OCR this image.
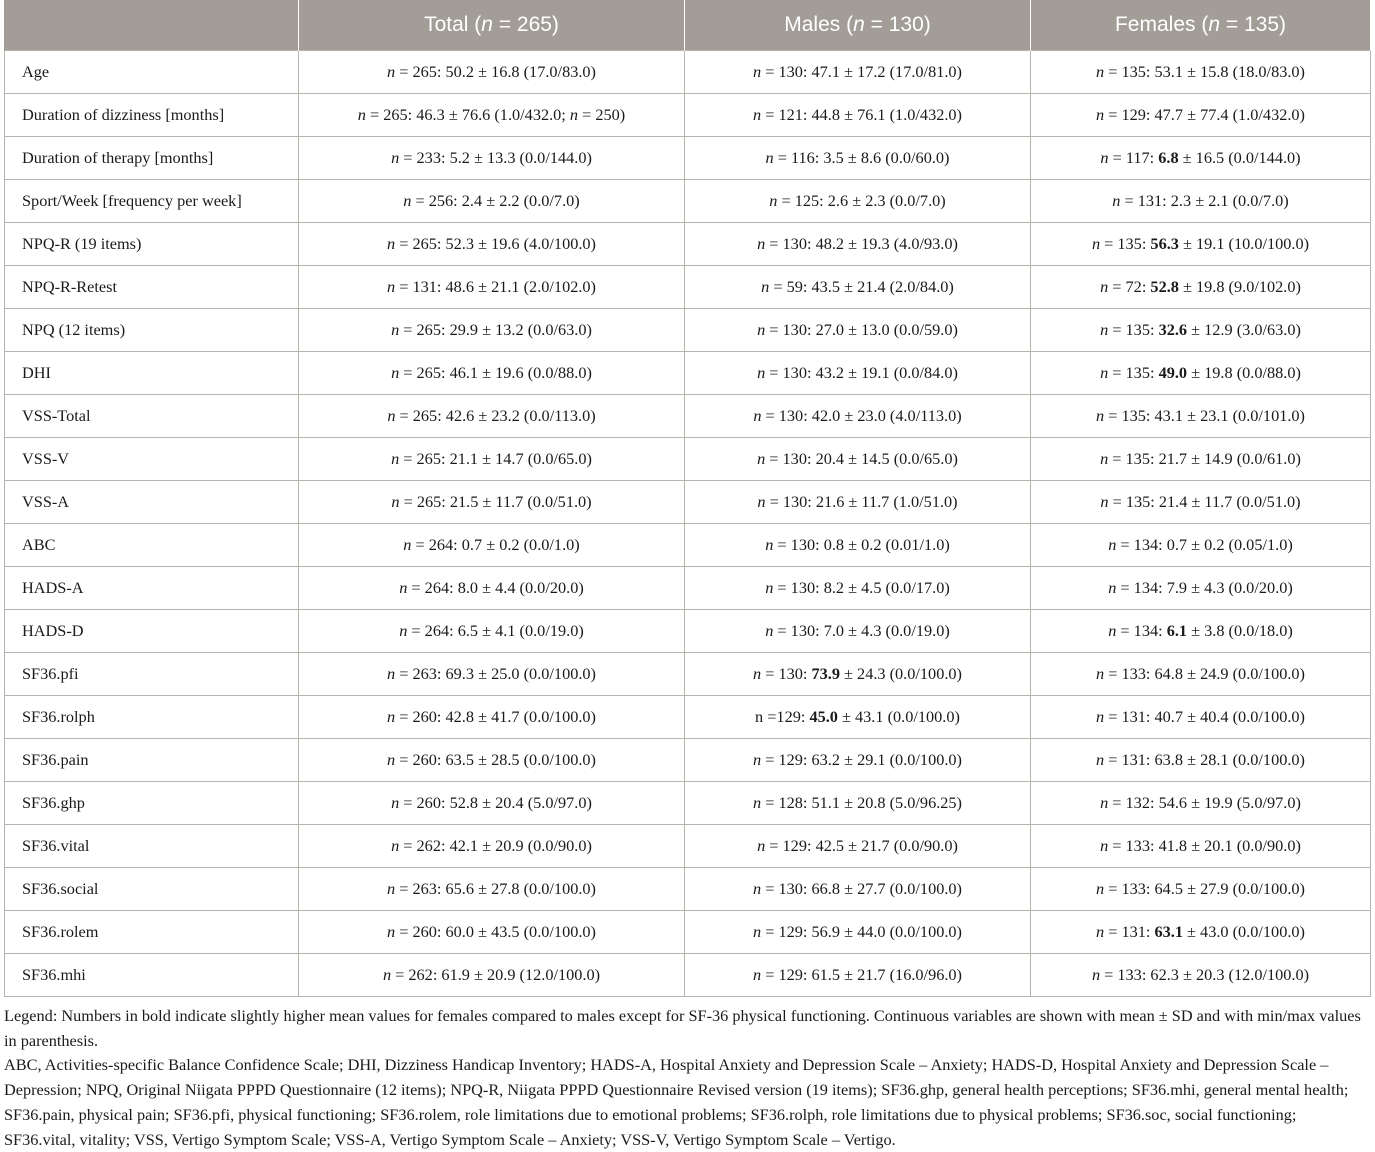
	Total (n = 265)	Males (n = 130)	Females (n = 135)
Age	n = 265: 50.2 ± 16.8 (17.0/83.0)	n = 130: 47.1 ± 17.2 (17.0/81.0)	n = 135: 53.1 ± 15.8 (18.0/83.0)
Duration of dizziness [months]	n = 265: 46.3 ± 76.6 (1.0/432.0; n = 250)	n = 121: 44.8 ± 76.1 (1.0/432.0)	n = 129: 47.7 ± 77.4 (1.0/432.0)
Duration of therapy [months]	n = 233: 5.2 ± 13.3 (0.0/144.0)	n = 116: 3.5 ± 8.6 (0.0/60.0)	n = 117: 6.8 ± 16.5 (0.0/144.0)
Sport/Week [frequency per week]	n = 256: 2.4 ± 2.2 (0.0/7.0)	n = 125: 2.6 ± 2.3 (0.0/7.0)	n = 131: 2.3 ± 2.1 (0.0/7.0)
NPQ-R (19 items)	n = 265: 52.3 ± 19.6 (4.0/100.0)	n = 130: 48.2 ± 19.3 (4.0/93.0)	n = 135: 56.3 ± 19.1 (10.0/100.0)
NPQ-R-Retest	n = 131: 48.6 ± 21.1 (2.0/102.0)	n = 59: 43.5 ± 21.4 (2.0/84.0)	n = 72: 52.8 ± 19.8 (9.0/102.0)
NPQ (12 items)	n = 265: 29.9 ± 13.2 (0.0/63.0)	n = 130: 27.0 ± 13.0 (0.0/59.0)	n = 135: 32.6 ± 12.9 (3.0/63.0)
DHI	n = 265: 46.1 ± 19.6 (0.0/88.0)	n = 130: 43.2 ± 19.1 (0.0/84.0)	n = 135: 49.0 ± 19.8 (0.0/88.0)
VSS-Total	n = 265: 42.6 ± 23.2 (0.0/113.0)	n = 130: 42.0 ± 23.0 (4.0/113.0)	n = 135: 43.1 ± 23.1 (0.0/101.0)
VSS-V	n = 265: 21.1 ± 14.7 (0.0/65.0)	n = 130: 20.4 ± 14.5 (0.0/65.0)	n = 135: 21.7 ± 14.9 (0.0/61.0)
VSS-A	n = 265: 21.5 ± 11.7 (0.0/51.0)	n = 130: 21.6 ± 11.7 (1.0/51.0)	n = 135: 21.4 ± 11.7 (0.0/51.0)
ABC	n = 264: 0.7 ± 0.2 (0.0/1.0)	n = 130: 0.8 ± 0.2 (0.01/1.0)	n = 134: 0.7 ± 0.2 (0.05/1.0)
HADS-A	n = 264: 8.0 ± 4.4 (0.0/20.0)	n = 130: 8.2 ± 4.5 (0.0/17.0)	n = 134: 7.9 ± 4.3 (0.0/20.0)
HADS-D	n = 264: 6.5 ± 4.1 (0.0/19.0)	n = 130: 7.0 ± 4.3 (0.0/19.0)	n = 134: 6.1 ± 3.8 (0.0/18.0)
SF36.pfi	n = 263: 69.3 ± 25.0 (0.0/100.0)	n = 130: 73.9 ± 24.3 (0.0/100.0)	n = 133: 64.8 ± 24.9 (0.0/100.0)
SF36.rolph	n = 260: 42.8 ± 41.7 (0.0/100.0)	n =129: 45.0 ± 43.1 (0.0/100.0)	n = 131: 40.7 ± 40.4 (0.0/100.0)
SF36.pain	n = 260: 63.5 ± 28.5 (0.0/100.0)	n = 129: 63.2 ± 29.1 (0.0/100.0)	n = 131: 63.8 ± 28.1 (0.0/100.0)
SF36.ghp	n = 260: 52.8 ± 20.4 (5.0/97.0)	n = 128: 51.1 ± 20.8 (5.0/96.25)	n = 132: 54.6 ± 19.9 (5.0/97.0)
SF36.vital	n = 262: 42.1 ± 20.9 (0.0/90.0)	n = 129: 42.5 ± 21.7 (0.0/90.0)	n = 133: 41.8 ± 20.1 (0.0/90.0)
SF36.social	n = 263: 65.6 ± 27.8 (0.0/100.0)	n = 130: 66.8 ± 27.7 (0.0/100.0)	n = 133: 64.5 ± 27.9 (0.0/100.0)
SF36.rolem	n = 260: 60.0 ± 43.5 (0.0/100.0)	n = 129: 56.9 ± 44.0 (0.0/100.0)	n = 131: 63.1 ± 43.0 (0.0/100.0)
SF36.mhi	n = 262: 61.9 ± 20.9 (12.0/100.0)	n = 129: 61.5 ± 21.7 (16.0/96.0)	n = 133: 62.3 ± 20.3 (12.0/100.0)

Legend: Numbers in bold indicate slightly higher mean values for females compared to males except for SF-36 physical functioning. Continuous variables are shown with mean ± SD and with min/max values in parenthesis.

ABC, Activities-specific Balance Confidence Scale; DHI, Dizziness Handicap Inventory; HADS-A, Hospital Anxiety and Depression Scale – Anxiety; HADS-D, Hospital Anxiety and Depression Scale – Depression; NPQ, Original Niigata PPPD Questionnaire (12 items); NPQ-R, Niigata PPPD Questionnaire Revised version (19 items); SF36.ghp, general health perceptions; SF36.mhi, general mental health; SF36.pain, physical pain; SF36.pfi, physical functioning; SF36.rolem, role limitations due to emotional problems; SF36.rolph, role limitations due to physical problems; SF36.soc, social functioning; SF36.vital, vitality; VSS, Vertigo Symptom Scale; VSS-A, Vertigo Symptom Scale – Anxiety; VSS-V, Vertigo Symptom Scale – Vertigo.
